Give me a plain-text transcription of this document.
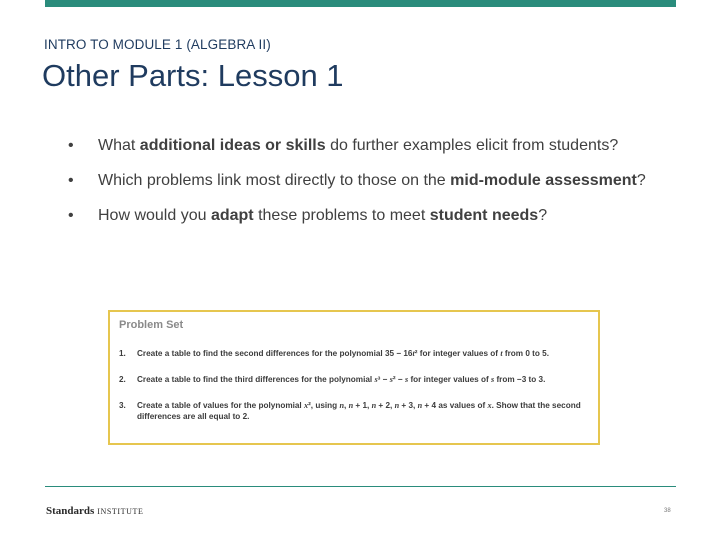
INTRO TO MODULE 1 (ALGEBRA II)
Other Parts: Lesson 1
• What additional ideas or skills do further examples elicit from students?
• Which problems link most directly to those on the mid-module assessment?
• How would you adapt these problems to meet student needs?
Problem Set
1. Create a table to find the second differences for the polynomial 35 − 16t² for integer values of t from 0 to 5.
2. Create a table to find the third differences for the polynomial s³ − s² − s for integer values of s from −3 to 3.
3. Create a table of values for the polynomial x², using n, n + 1, n + 2, n + 3, n + 4 as values of x. Show that the second differences are all equal to 2.
Standards INSTITUTE	38
